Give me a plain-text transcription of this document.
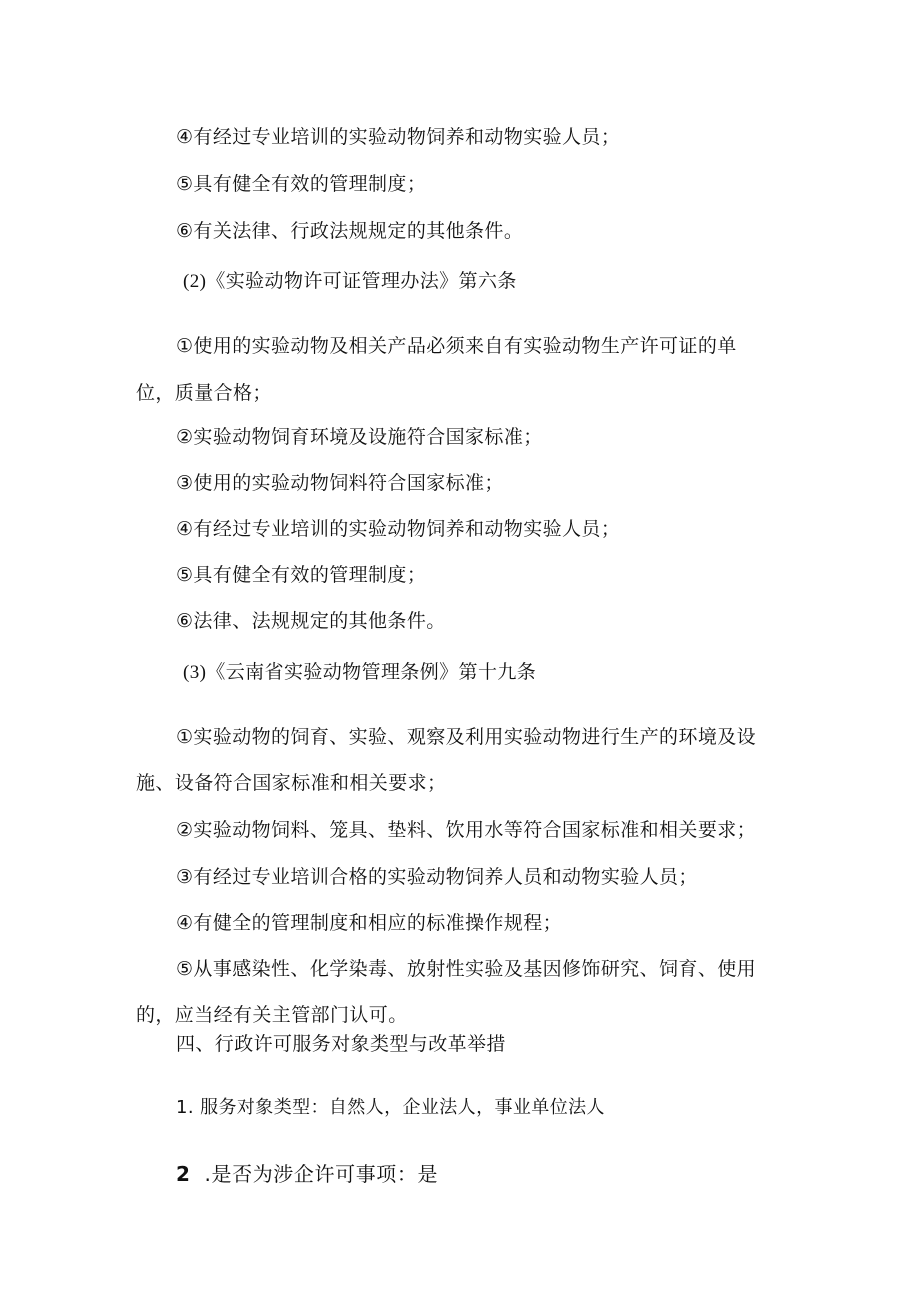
④有经过专业培训的实验动物饲养和动物实验人员；
⑤具有健全有效的管理制度；
⑥有关法律、行政法规规定的其他条件。
(2)《实验动物许可证管理办法》第六条
①使用的实验动物及相关产品必须来自有实验动物生产许可证的单
位，质量合格；
②实验动物饲育环境及设施符合国家标准；
③使用的实验动物饲料符合国家标准；
④有经过专业培训的实验动物饲养和动物实验人员；
⑤具有健全有效的管理制度；
⑥法律、法规规定的其他条件。
(3)《云南省实验动物管理条例》第十九条
①实验动物的饲育、实验、观察及利用实验动物进行生产的环境及设
施、设备符合国家标准和相关要求；
②实验动物饲料、笼具、垫料、饮用水等符合国家标准和相关要求；
③有经过专业培训合格的实验动物饲养人员和动物实验人员；
④有健全的管理制度和相应的标准操作规程；
⑤从事感染性、化学染毒、放射性实验及基因修饰研究、饲育、使用
的，应当经有关主管部门认可。
四、行政许可服务对象类型与改革举措
1. 服务对象类型：自然人，企业法人，事业单位法人
2 .是否为涉企许可事项：是
